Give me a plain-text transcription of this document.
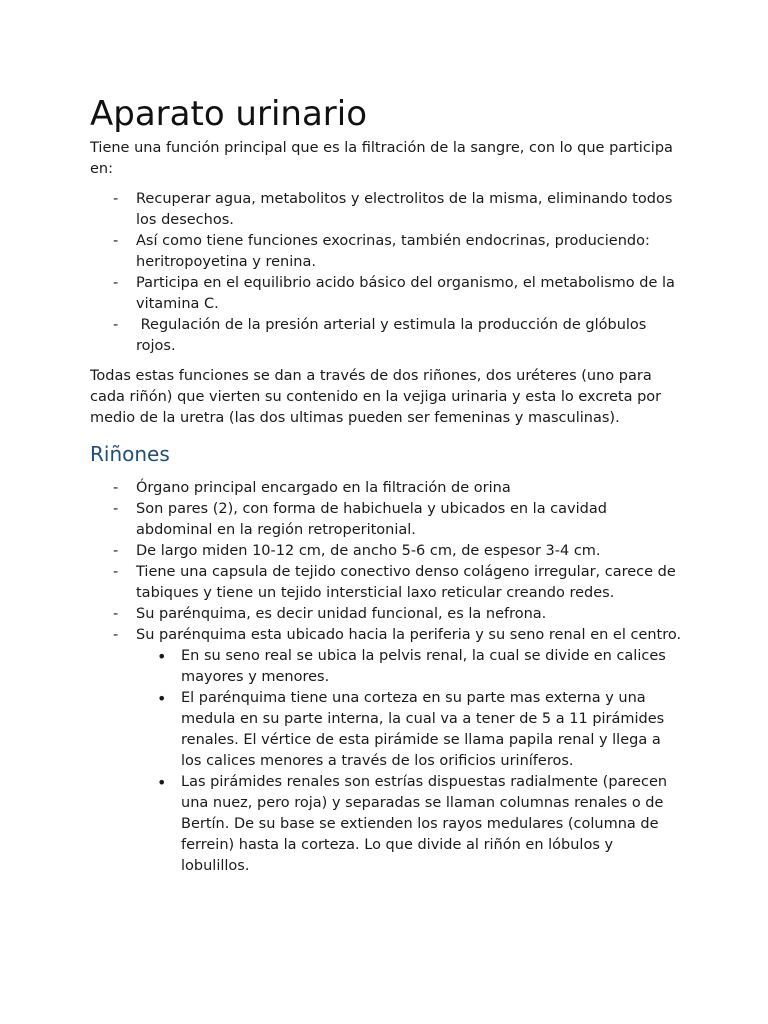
Aparato urinario

Tiene una función principal que es la filtración de la sangre, con lo que participa en:

- Recuperar agua, metabolitos y electrolitos de la misma, eliminando todos los desechos.
- Así como tiene funciones exocrinas, también endocrinas, produciendo: heritropoyetina y renina.
- Participa en el equilibrio acido básico del organismo, el metabolismo de la vitamina C.
-  Regulación de la presión arterial y estimula la producción de glóbulos rojos.

Todas estas funciones se dan a través de dos riñones, dos uréteres (uno para cada riñón) que vierten su contenido en la vejiga urinaria y esta lo excreta por medio de la uretra (las dos ultimas pueden ser femeninas y masculinas).

Riñones
- Órgano principal encargado en la filtración de orina
- Son pares (2), con forma de habichuela y ubicados en la cavidad abdominal en la región retroperitonial.
- De largo miden 10-12 cm, de ancho 5-6 cm, de espesor 3-4 cm.
- Tiene una capsula de tejido conectivo denso colágeno irregular, carece de tabiques y tiene un tejido intersticial laxo reticular creando redes.
- Su parénquima, es decir unidad funcional, es la nefrona.
- Su parénquima esta ubicado hacia la periferia y su seno renal en el centro.
• En su seno real se ubica la pelvis renal, la cual se divide en calices mayores y menores.
• El parénquima tiene una corteza en su parte mas externa y una medula en su parte interna, la cual va a tener de 5 a 11 pirámides renales. El vértice de esta pirámide se llama papila renal y llega a los calices menores a través de los orificios uriníferos.
• Las pirámides renales son estrías dispuestas radialmente (parecen una nuez, pero roja) y separadas se llaman columnas renales o de Bertín. De su base se extienden los rayos medulares (columna de ferrein) hasta la corteza. Lo que divide al riñón en lóbulos y lobulillos.
